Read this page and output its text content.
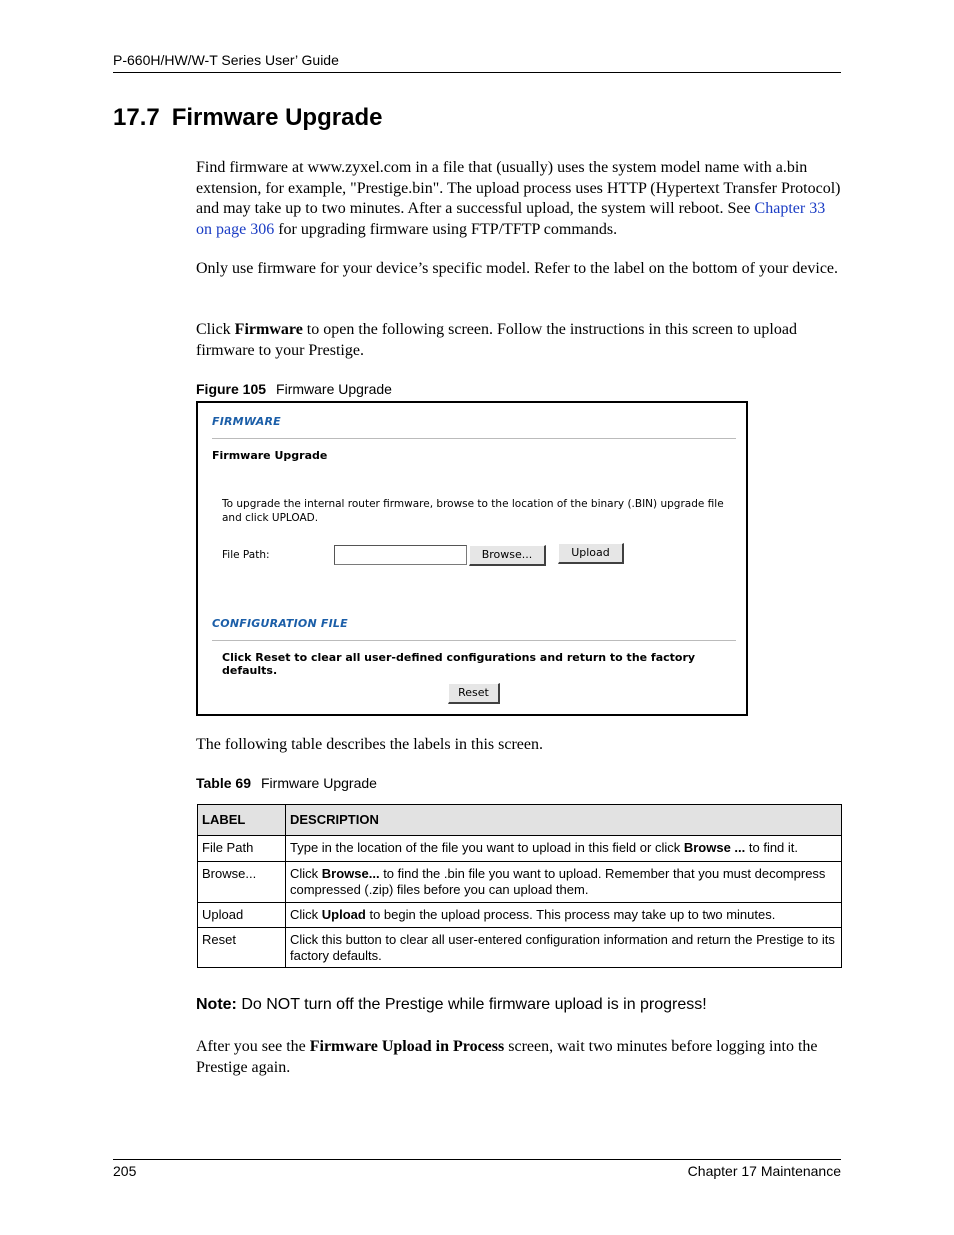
P-660H/HW/W-T Series User’ Guide
17.7 Firmware Upgrade

Find firmware at www.zyxel.com in a file that (usually) uses the system model name with a.bin extension, for example, "Prestige.bin". The upload process uses HTTP (Hypertext Transfer Protocol) and may take up to two minutes. After a successful upload, the system will reboot. See Chapter 33 on page 306 for upgrading firmware using FTP/TFTP commands.

Only use firmware for your device’s specific model. Refer to the label on the bottom of your device.

Click Firmware to open the following screen. Follow the instructions in this screen to upload firmware to your Prestige.

Figure 105 Firmware Upgrade
FIRMWARE
Firmware Upgrade
To upgrade the internal router firmware, browse to the location of the binary (.BIN) upgrade file and click UPLOAD.
File Path:	Browse...	Upload
CONFIGURATION FILE
Click Reset to clear all user-defined configurations and return to the factory defaults.
Reset

The following table describes the labels in this screen.

Table 69 Firmware Upgrade
LABEL	DESCRIPTION
File Path	Type in the location of the file you want to upload in this field or click Browse ... to find it.
Browse...	Click Browse... to find the .bin file you want to upload. Remember that you must decompress compressed (.zip) files before you can upload them.
Upload	Click Upload to begin the upload process. This process may take up to two minutes.
Reset	Click this button to clear all user-entered configuration information and return the Prestige to its factory defaults.
Note: Do NOT turn off the Prestige while firmware upload is in progress!

After you see the Firmware Upload in Process screen, wait two minutes before logging into the Prestige again.

205	Chapter 17 Maintenance
